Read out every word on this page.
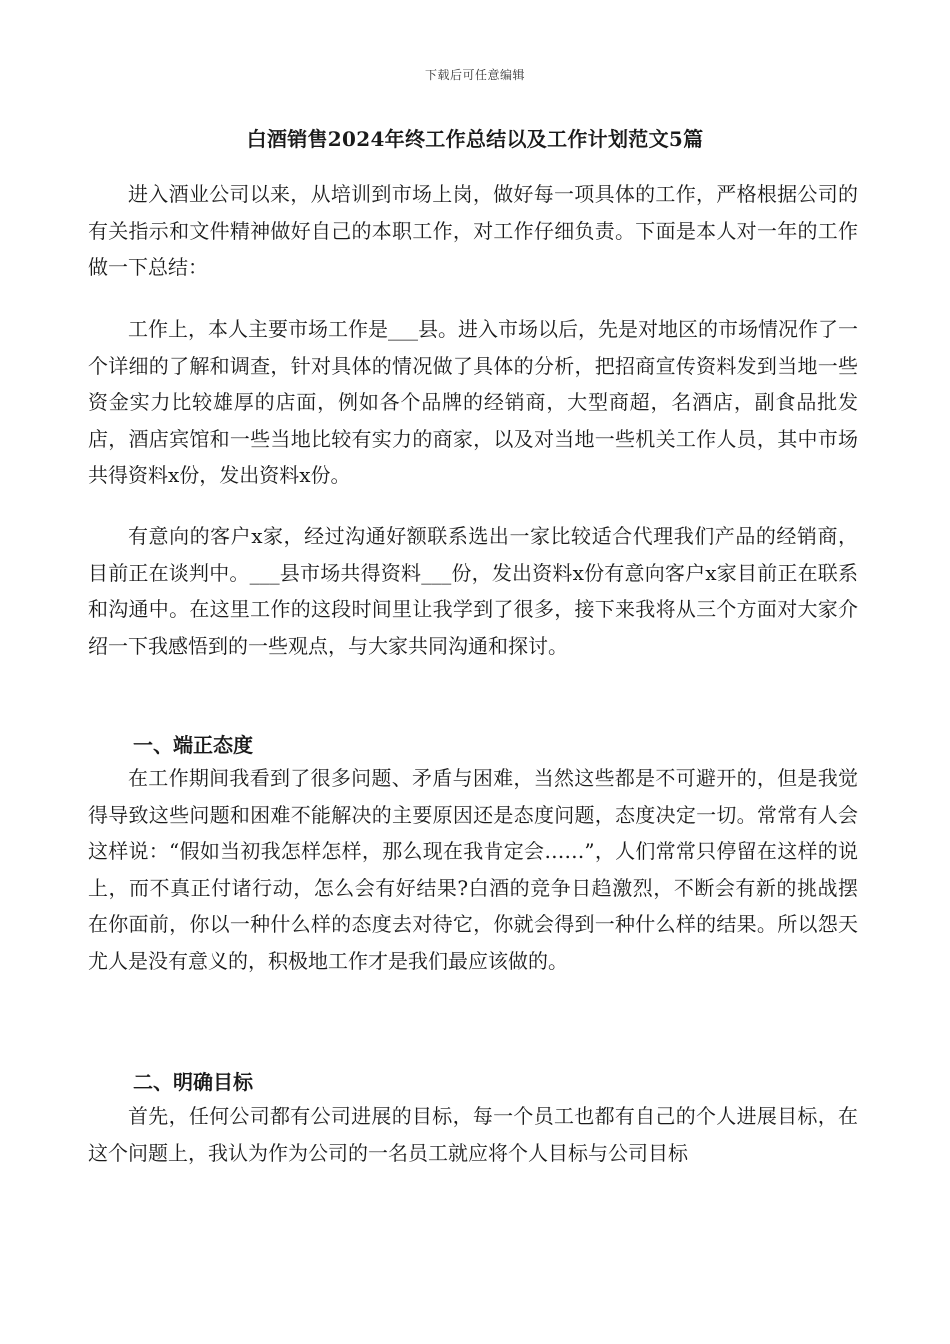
下载后可任意编辑
白酒销售2024年终工作总结以及工作计划范文5篇

进入酒业公司以来，从培训到市场上岗，做好每一项具体的工作，严格根据公司的有关指示和文件精神做好自己的本职工作，对工作仔细负责。下面是本人对一年的工作做一下总结：

工作上，本人主要市场工作是___县。进入市场以后，先是对地区的市场情况作了一个详细的了解和调查，针对具体的情况做了具体的分析，把招商宣传资料发到当地一些资金实力比较雄厚的店面，例如各个品牌的经销商，大型商超，名酒店，副食品批发店，酒店宾馆和一些当地比较有实力的商家，以及对当地一些机关工作人员，其中市场共得资料x份，发出资料x份。

有意向的客户x家，经过沟通好额联系选出一家比较适合代理我们产品的经销商，目前正在谈判中。___县市场共得资料___份，发出资料x份有意向客户x家目前正在联系和沟通中。在这里工作的这段时间里让我学到了很多，接下来我将从三个方面对大家介绍一下我感悟到的一些观点，与大家共同沟通和探讨。

一、端正态度

在工作期间我看到了很多问题、矛盾与困难，当然这些都是不可避开的，但是我觉得导致这些问题和困难不能解决的主要原因还是态度问题，态度决定一切。常常有人会这样说：“假如当初我怎样怎样，那么现在我肯定会……”，人们常常只停留在这样的说上，而不真正付诸行动，怎么会有好结果?白酒的竞争日趋激烈，不断会有新的挑战摆在你面前，你以一种什么样的态度去对待它，你就会得到一种什么样的结果。所以怨天尤人是没有意义的，积极地工作才是我们最应该做的。

二、明确目标

首先，任何公司都有公司进展的目标，每一个员工也都有自己的个人进展目标，在这个问题上，我认为作为公司的一名员工就应将个人目标与公司目标
